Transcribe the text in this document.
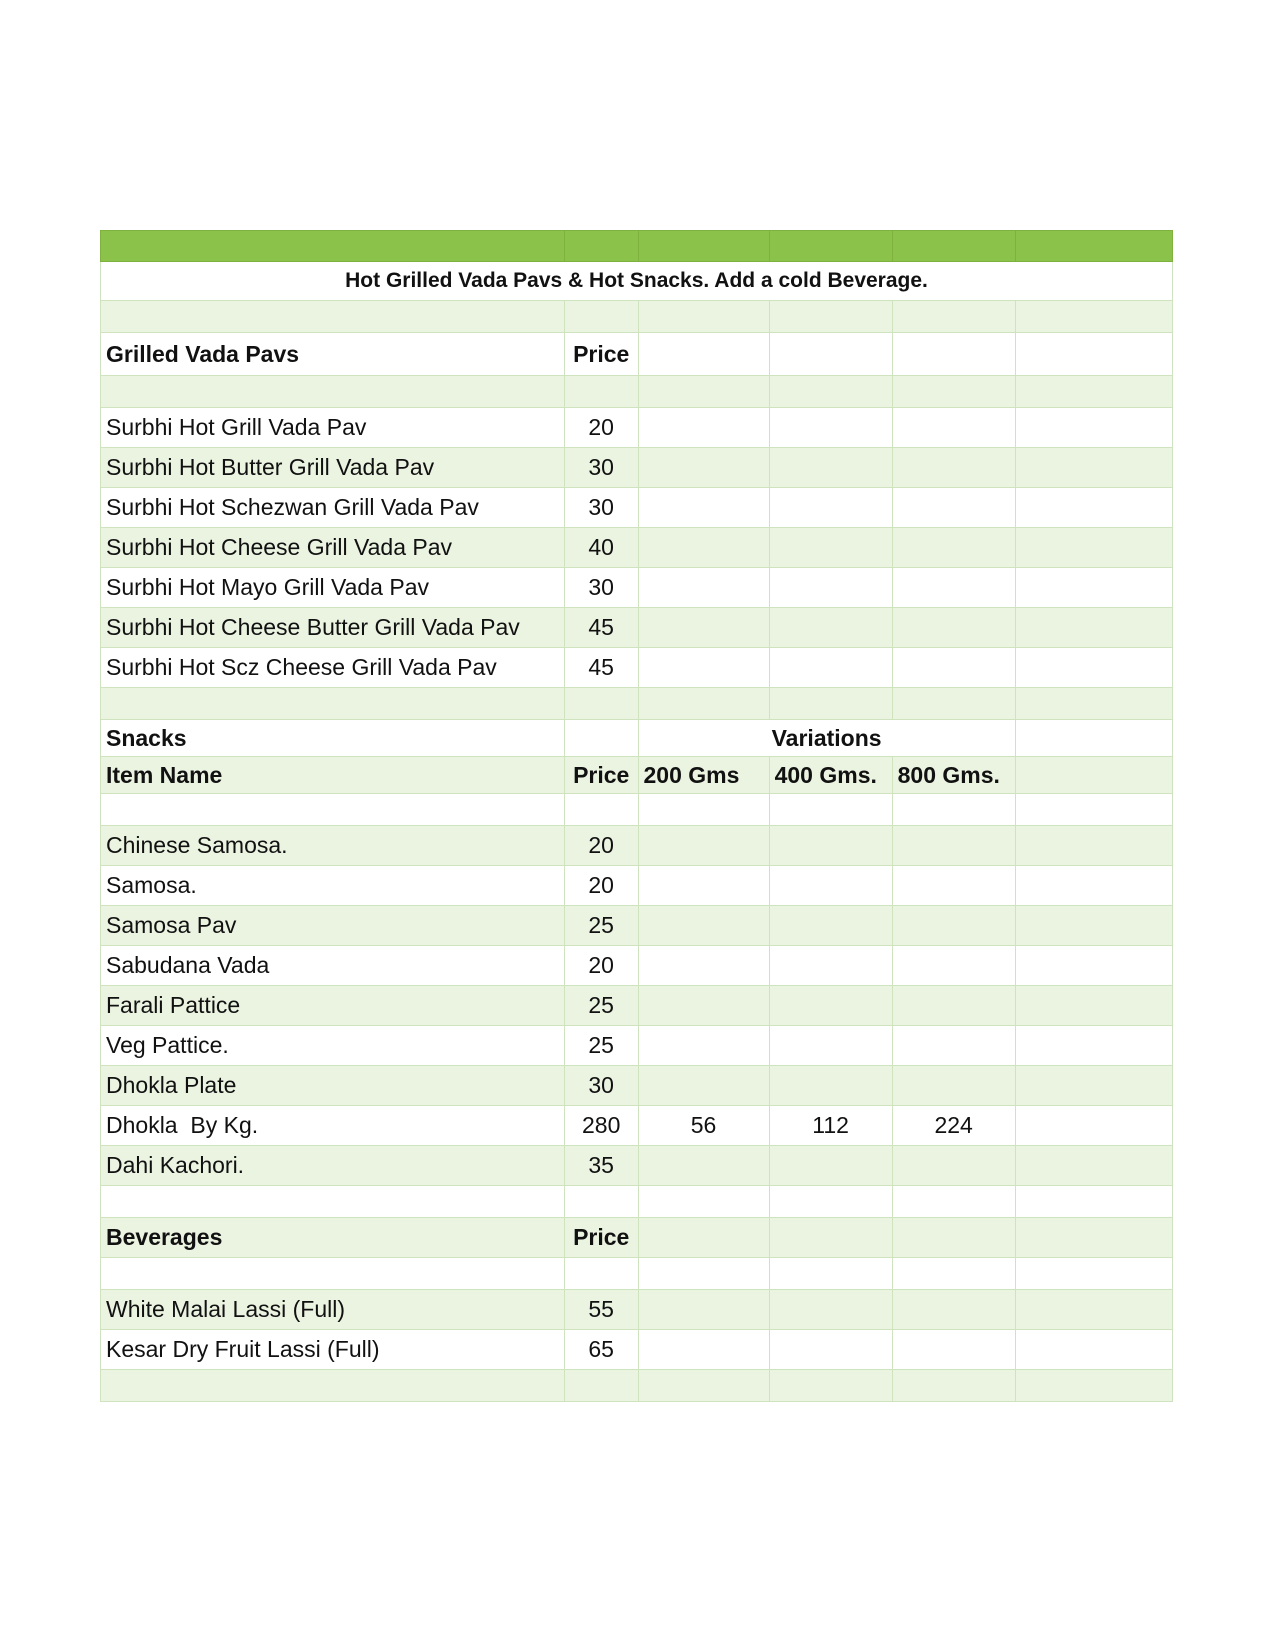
Hot Grilled Vada Pavs & Hot Snacks. Add a cold Beverage.					

Grilled Vada Pavs	Price				

Surbhi Hot Grill Vada Pav	20				
Surbhi Hot Butter Grill Vada Pav	30				
Surbhi Hot Schezwan Grill Vada Pav	30				
Surbhi Hot Cheese Grill Vada Pav	40				
Surbhi Hot Mayo Grill Vada Pav	30				
Surbhi Hot Cheese Butter Grill Vada Pav	45				
Surbhi Hot Scz Cheese Grill Vada Pav	45				

Snacks		Variations			
Item Name	Price	200 Gms	400 Gms.	800 Gms.	

Chinese Samosa.	20				
Samosa.	20				
Samosa Pav	25				
Sabudana Vada	20				
Farali Pattice	25				
Veg Pattice.	25				
Dhokla Plate	30				
Dhokla  By Kg.	280	56	112	224	
Dahi Kachori.	35				

Beverages	Price				

White Malai Lassi (Full)	55				
Kesar Dry Fruit Lassi (Full)	65				
